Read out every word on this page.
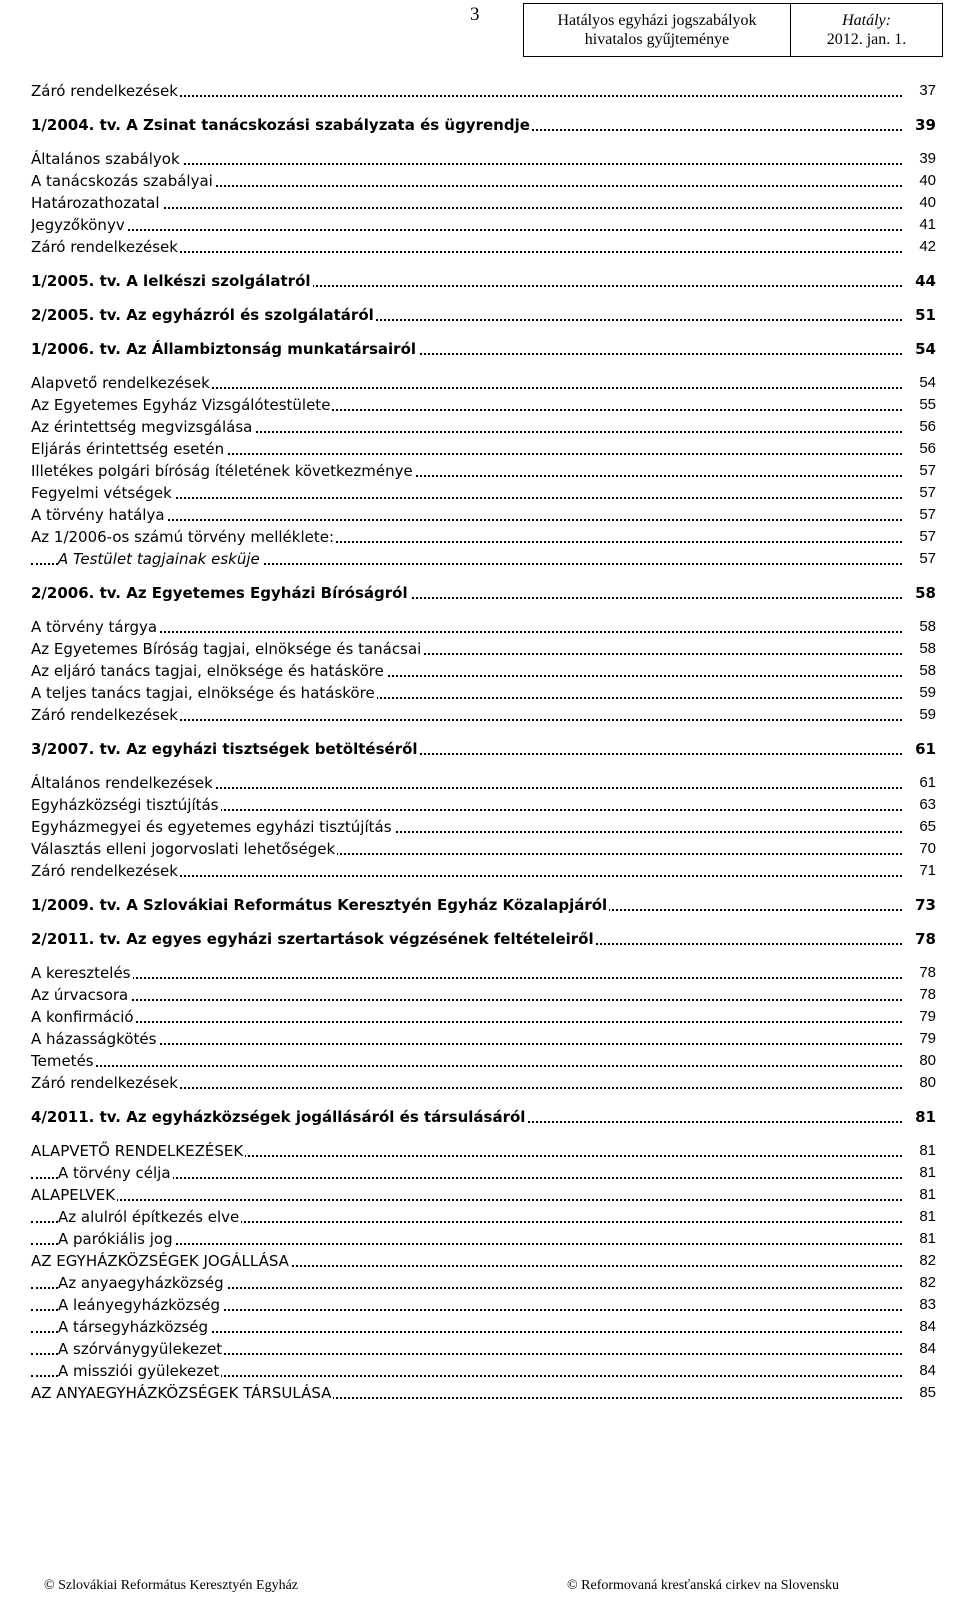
3	Hatályos egyházi jogszabályok
hivatalos gyűjteménye
Hatály:
2012. jan. 1.
Záró rendelkezések	37
1/2004. tv. A Zsinat tanácskozási szabályzata és ügyrendje	39
Általános szabályok	39
A tanácskozás szabályai	40
Határozathozatal	40
Jegyzőkönyv	41
Záró rendelkezések	42
1/2005. tv. A lelkészi szolgálatról	44
2/2005. tv. Az egyházról és szolgálatáról	51
1/2006. tv. Az Állambiztonság munkatársairól	54
Alapvető rendelkezések	54
Az Egyetemes Egyház Vizsgálótestülete	55
Az érintettség megvizsgálása	56
Eljárás érintettség esetén	56
Illetékes polgári bíróság ítéletének következménye	57
Fegyelmi vétségek	57
A törvény hatálya	57
Az 1/2006-os számú törvény melléklete:	57
A Testület tagjainak esküje	57
2/2006. tv. Az Egyetemes Egyházi Bíróságról	58
A törvény tárgya	58
Az Egyetemes Bíróság tagjai, elnöksége és tanácsai	58
Az eljáró tanács tagjai, elnöksége és hatásköre	58
A teljes tanács tagjai, elnöksége és hatásköre	59
Záró rendelkezések	59
3/2007. tv. Az egyházi tisztségek betöltéséről	61
Általános rendelkezések	61
Egyházközségi tisztújítás	63
Egyházmegyei és egyetemes egyházi tisztújítás	65
Választás elleni jogorvoslati lehetőségek	70
Záró rendelkezések	71
1/2009. tv. A Szlovákiai Református Keresztyén Egyház Közalapjáról	73
2/2011. tv. Az egyes egyházi szertartások végzésének feltételeiről	78
A keresztelés	78
Az úrvacsora	78
A konfirmáció	79
A házasságkötés	79
Temetés	80
Záró rendelkezések	80
4/2011. tv. Az egyházközségek jogállásáról és társulásáról	81
ALAPVETŐ RENDELKEZÉSEK	81
A törvény célja	81
ALAPELVEK	81
Az alulról építkezés elve	81
A parókiális jog	81
AZ EGYHÁZKÖZSÉGEK JOGÁLLÁSA	82
Az anyaegyházközség	82
A leányegyházközség	83
A társegyházközség	84
A szórványgyülekezet	84
A missziói gyülekezet	84
AZ ANYAEGYHÁZKÖZSÉGEK TÁRSULÁSA	85
© Szlovákiai Református Keresztyén Egyház	© Reformovaná kresťanská cirkev na Slovensku
